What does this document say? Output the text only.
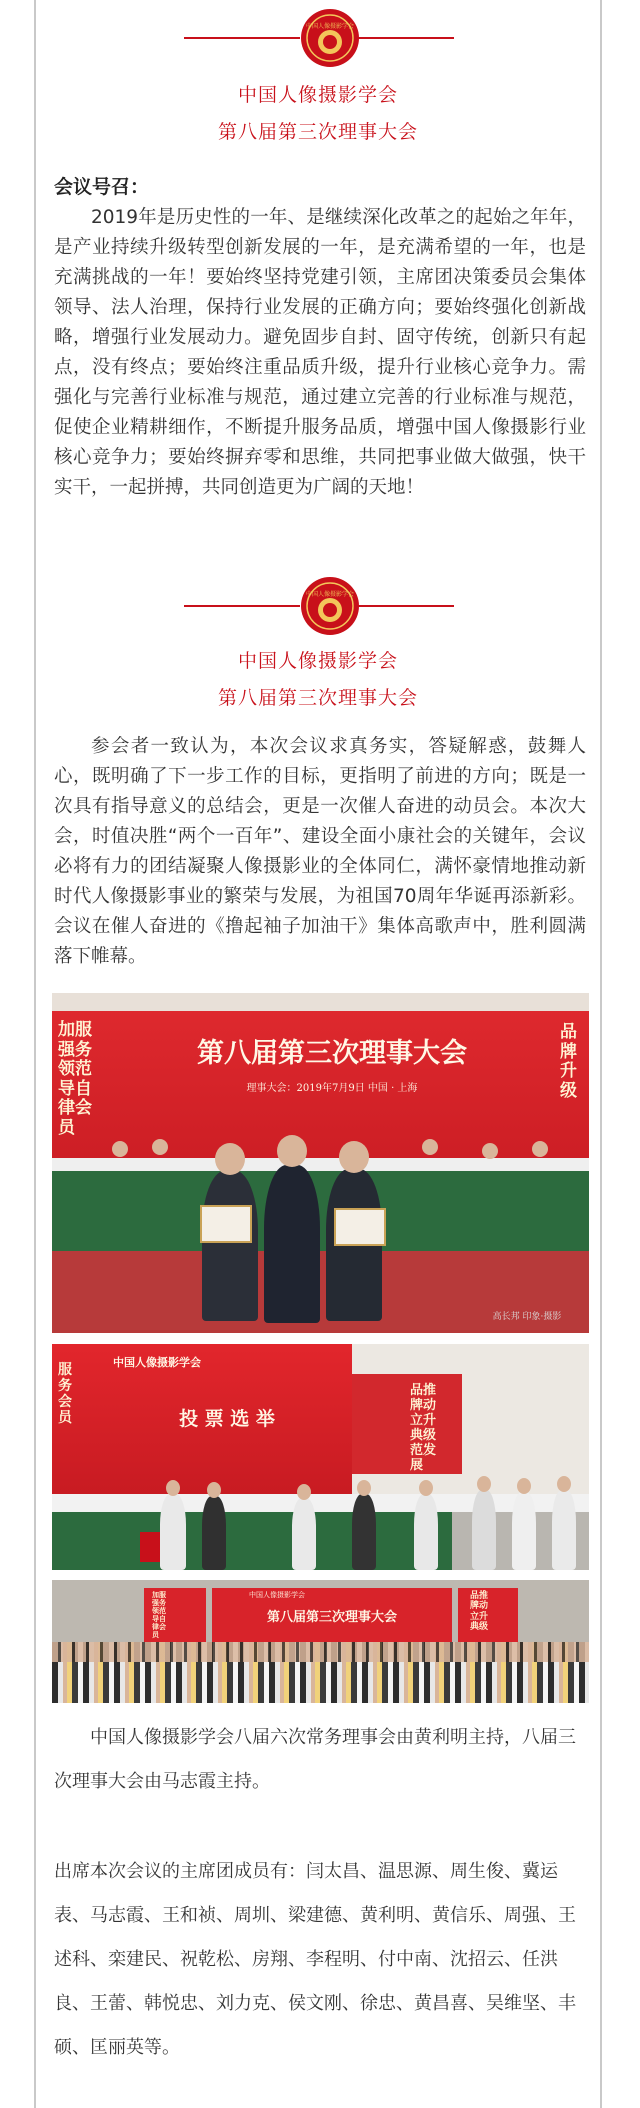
中国人像摄影学会
中国人像摄影学会
第八届第三次理事大会
会议号召：
2019年是历史性的一年、是继续深化改革之的起始之年年，是产业持续升级转型创新发展的一年，是充满希望的一年，也是充满挑战的一年！要始终坚持党建引领，主席团决策委员会集体领导、法人治理，保持行业发展的正确方向；要始终强化创新战略，增强行业发展动力。避免固步自封、固守传统，创新只有起点，没有终点；要始终注重品质升级，提升行业核心竞争力。需强化与完善行业标准与规范，通过建立完善的行业标准与规范，促使企业精耕细作，不断提升服务品质，增强中国人像摄影行业核心竞争力；要始终摒弃零和思维，共同把事业做大做强，快干实干，一起拼搏，共同创造更为广阔的天地！
中国人像摄影学会
中国人像摄影学会
第八届第三次理事大会
参会者一致认为，本次会议求真务实，答疑解惑，鼓舞人心，既明确了下一步工作的目标，更指明了前进的方向；既是一次具有指导意义的总结会，更是一次催人奋进的动员会。本次大会，时值决胜“两个一百年”、建设全面小康社会的关键年，会议必将有力的团结凝聚人像摄影业的全体同仁，满怀豪情地推动新时代人像摄影事业的繁荣与发展，为祖国70周年华诞再添新彩。会议在催人奋进的《撸起袖子加油干》集体高歌声中，胜利圆满落下帷幕。
第八届第三次理事大会
理事大会：2019年7月9日 中国 · 上海
加服
强务
领范
导自
律会
员
品
牌
升
级
高长邦 印象·摄影
中国人像摄影学会
投 票 选 举
服
务
会
员
品推
牌动
立升
典级
范发
展
中国人像摄影学会
第八届第三次理事大会
加服
强务
领范
导自
律会
员
品推
牌动
立升
典级
中国人像摄影学会八届六次常务理事会由黄利明主持，八届三次理事大会由马志霞主持。
出席本次会议的主席团成员有：闫太昌、温思源、周生俊、冀运表、马志霞、王和祯、周圳、梁建德、黄利明、黄信乐、周强、王述科、栾建民、祝乾松、房翔、李程明、付中南、沈招云、任洪良、王蕾、韩悦忠、刘力克、侯文刚、徐忠、黄昌喜、吴维坚、丰硕、匡丽英等。
